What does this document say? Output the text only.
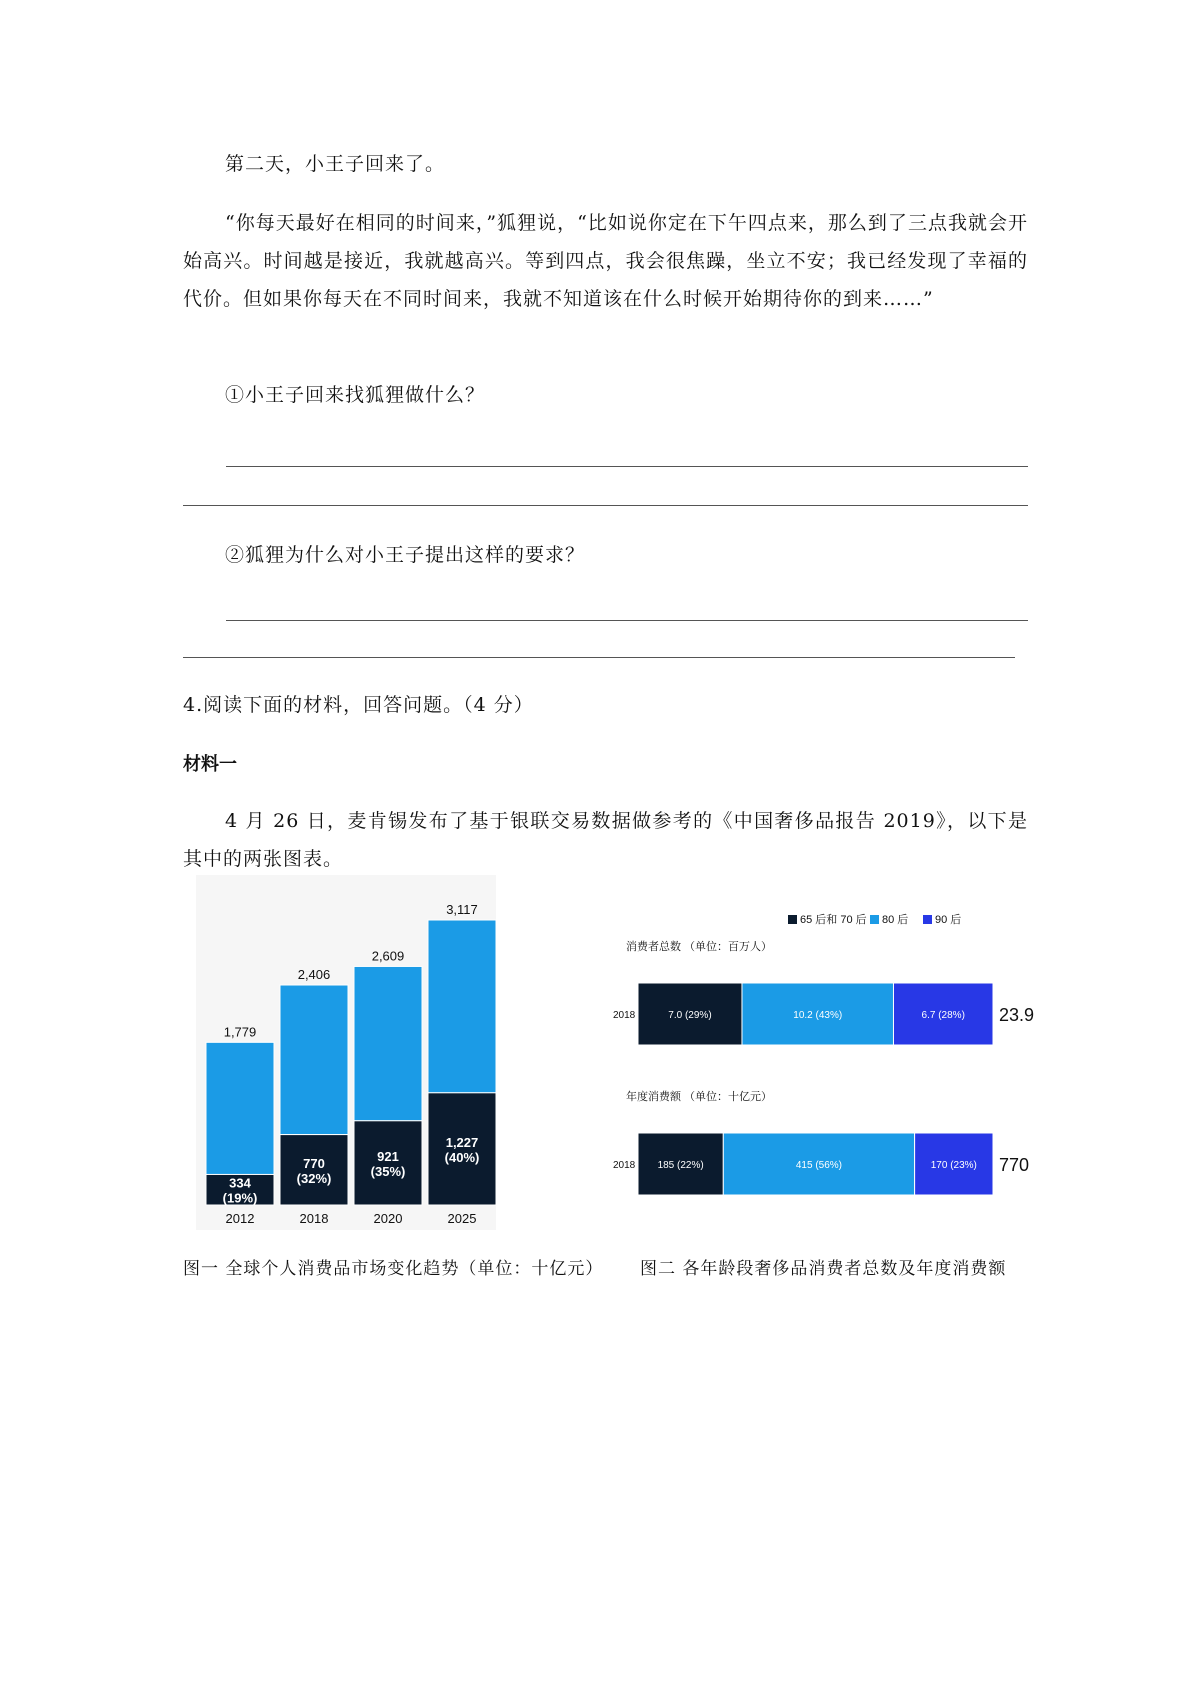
第二天，小王子回来了。

“你每天最好在相同的时间来，”狐狸说，“比如说你定在下午四点来，那么到了三点我就会开始高兴。时间越是接近，我就越高兴。等到四点，我会很焦躁，坐立不安；我已经发现了幸福的代价。但如果你每天在不同时间来，我就不知道该在什么时候开始期待你的到来……”

①小王子回来找狐狸做什么？

②狐狸为什么对小王子提出这样的要求？

4.阅读下面的材料，回答问题。（4 分）
材料一

4 月 26 日，麦肯锡发布了基于银联交易数据做参考的《中国奢侈品报告 2019》，以下是其中的两张图表。

1,779
334
(19%)
2012
2,406
770
(32%)
2018
2,609
921
(35%)
2020
3,117
1,227
(40%)
2025
65 后和 70 后 80 后 90 后
消费者总数 （单位：百万人）
2018	7.0 (29%)	10.2 (43%)	6.7 (28%) 23.9
年度消费额 （单位：十亿元）
2018 185 (22%)	415 (56%)	170 (23%) 770
图一 全球个人消费品市场变化趋势（单位：十亿元） 图二 各年龄段奢侈品消费者总数及年度消费额
